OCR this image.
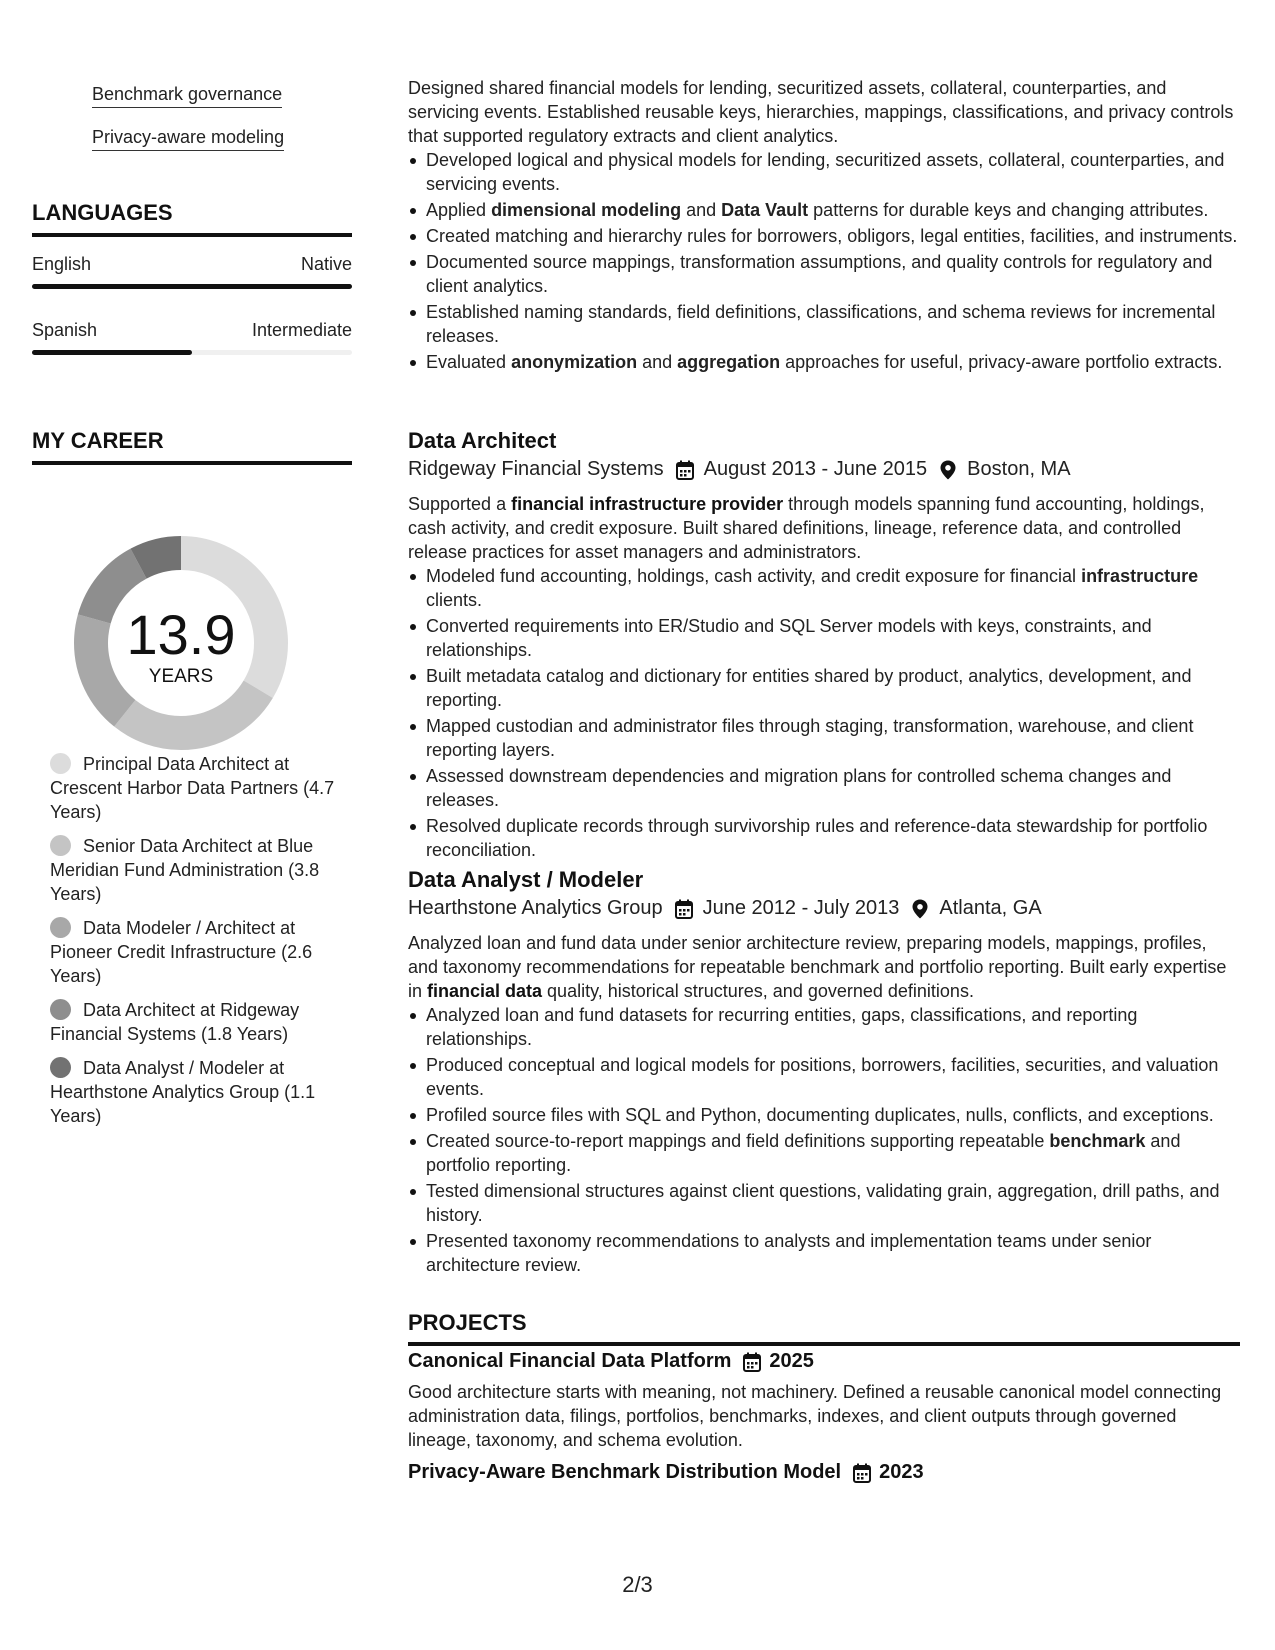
Benchmark governance
Privacy-aware modeling
LANGUAGES
English	Native
Spanish	Intermediate
MY CAREER
13.9
YEARS
Principal Data Architect at Crescent Harbor Data Partners (4.7 Years)
Senior Data Architect at Blue Meridian Fund Administration (3.8 Years)
Data Modeler / Architect at Pioneer Credit Infrastructure (2.6 Years)
Data Architect at Ridgeway Financial Systems (1.8 Years)
Data Analyst / Modeler at Hearthstone Analytics Group (1.1 Years)

Designed shared financial models for lending, securitized assets, collateral, counterparties, and servicing events. Established reusable keys, hierarchies, mappings, classifications, and privacy controls that supported regulatory extracts and client analytics.

Developed logical and physical models for lending, securitized assets, collateral, counterparties, and servicing events.
Applied dimensional modeling and Data Vault patterns for durable keys and changing attributes.
Created matching and hierarchy rules for borrowers, obligors, legal entities, facilities, and instruments.
Documented source mappings, transformation assumptions, and quality controls for regulatory and client analytics.
Established naming standards, field definitions, classifications, and schema reviews for incremental releases.
Evaluated anonymization and aggregation approaches for useful, privacy-aware portfolio extracts.
Data Architect
Ridgeway Financial Systems August 2013 - June 2015 Boston, MA

Supported a financial infrastructure provider through models spanning fund accounting, holdings, cash activity, and credit exposure. Built shared definitions, lineage, reference data, and controlled release practices for asset managers and administrators.

Modeled fund accounting, holdings, cash activity, and credit exposure for financial infrastructure clients.
Converted requirements into ER/Studio and SQL Server models with keys, constraints, and relationships.
Built metadata catalog and dictionary for entities shared by product, analytics, development, and reporting.
Mapped custodian and administrator files through staging, transformation, warehouse, and client reporting layers.
Assessed downstream dependencies and migration plans for controlled schema changes and releases.
Resolved duplicate records through survivorship rules and reference-data stewardship for portfolio reconciliation.
Data Analyst / Modeler
Hearthstone Analytics Group June 2012 - July 2013 Atlanta, GA

Analyzed loan and fund data under senior architecture review, preparing models, mappings, profiles, and taxonomy recommendations for repeatable benchmark and portfolio reporting. Built early expertise in financial data quality, historical structures, and governed definitions.

Analyzed loan and fund datasets for recurring entities, gaps, classifications, and reporting relationships.
Produced conceptual and logical models for positions, borrowers, facilities, securities, and valuation events.
Profiled source files with SQL and Python, documenting duplicates, nulls, conflicts, and exceptions.
Created source-to-report mappings and field definitions supporting repeatable benchmark and portfolio reporting.
Tested dimensional structures against client questions, validating grain, aggregation, drill paths, and history.
Presented taxonomy recommendations to analysts and implementation teams under senior architecture review.
PROJECTS
Canonical Financial Data Platform 2025

Good architecture starts with meaning, not machinery. Defined a reusable canonical model connecting administration data, filings, portfolios, benchmarks, indexes, and client outputs through governed lineage, taxonomy, and schema evolution.

Privacy-Aware Benchmark Distribution Model 2023
2/3
